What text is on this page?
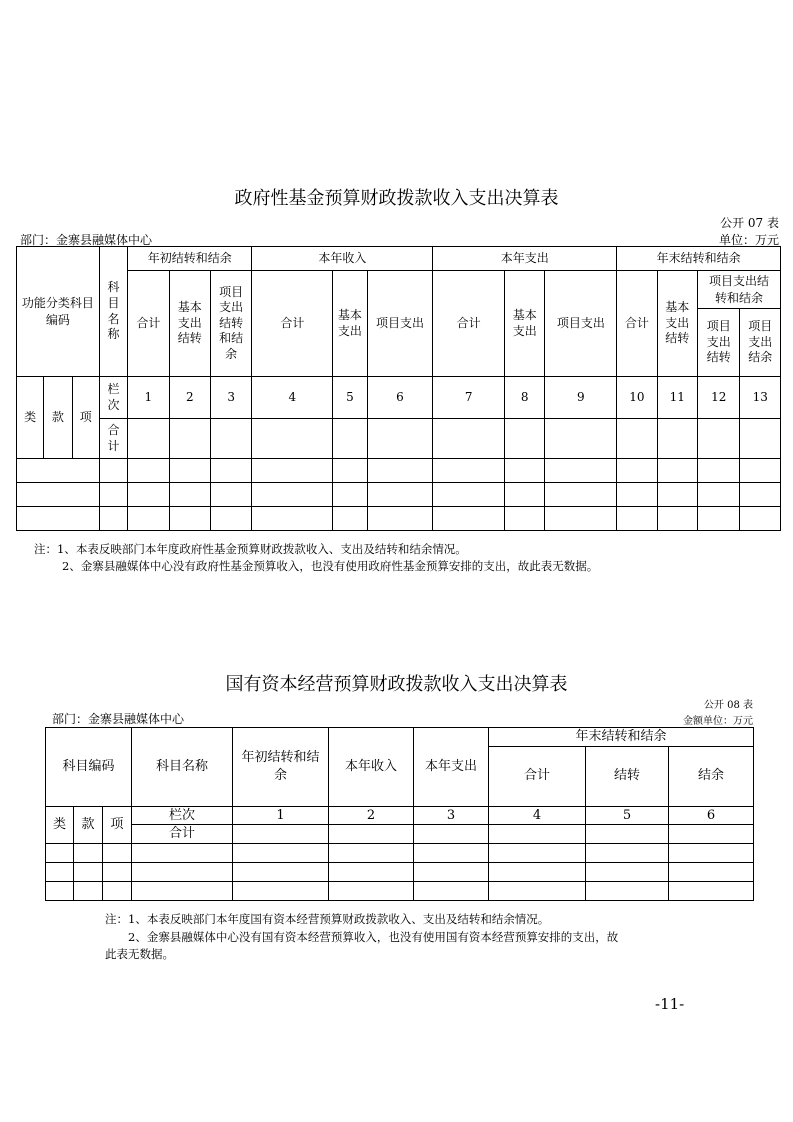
政府性基金预算财政拨款收入支出决算表
公开 07 表
部门：金寨县融媒体中心	单位：万元
功能分类科目编码			科目名称	年初结转和结余			本年收入			本年支出			年末结转和结余			
				合计	基本支出结转	项目支出结转和结余	合计	基本支出	项目支出	合计	基本支出	项目支出	合计	基本支出结转	项目支出结转和结余	
															项目支出结转	项目支出结余
类	款	项	栏次	1	2	3	4	5	6	7	8	9	10	11	12	13
			合计													

注：1、本表反映部门本年度政府性基金预算财政拨款收入、支出及结转和结余情况。
2、金寨县融媒体中心没有政府性基金预算收入，也没有使用政府性基金预算安排的支出，故此表无数据。
国有资本经营预算财政拨款收入支出决算表
公开 08 表
部门：金寨县融媒体中心	金额单位：万元
科目编码			科目名称	年初结转和结余	本年收入	本年支出	年末结转和结余		
							合计	结转	结余
类	款	项	栏次	1	2	3	4	5	6
			合计						

注：1、本表反映部门本年度国有资本经营预算财政拨款收入、支出及结转和结余情况。
2、金寨县融媒体中心没有国有资本经营预算收入，也没有使用国有资本经营预算安排的支出，故
此表无数据。
-11-
